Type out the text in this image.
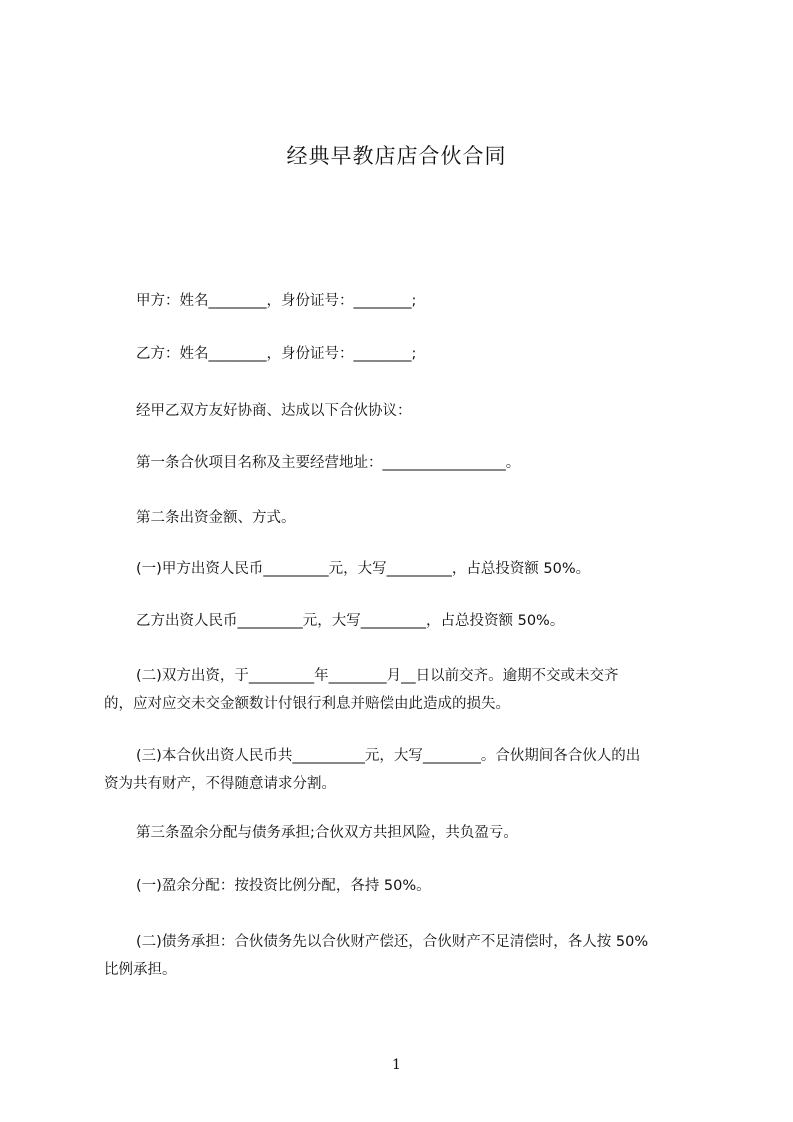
经典早教店店合伙合同
甲方：姓名________，身份证号：________;
乙方：姓名________，身份证号：________;
经甲乙双方友好协商、达成以下合伙协议：
第一条合伙项目名称及主要经营地址：_________________。
第二条出资金额、方式。
(一)甲方出资人民币_________元，大写_________，占总投资额 50%。
乙方出资人民币_________元，大写_________，占总投资额 50%。
(二)双方出资，于_________年________月__日以前交齐。逾期不交或未交齐
的，应对应交未交金额数计付银行利息并赔偿由此造成的损失。
(三)本合伙出资人民币共__________元，大写________。合伙期间各合伙人的出
资为共有财产，不得随意请求分割。
第三条盈余分配与债务承担;合伙双方共担风险，共负盈亏。
(一)盈余分配：按投资比例分配，各持 50%。
(二)债务承担：合伙债务先以合伙财产偿还，合伙财产不足清偿时，各人按 50%
比例承担。
1
